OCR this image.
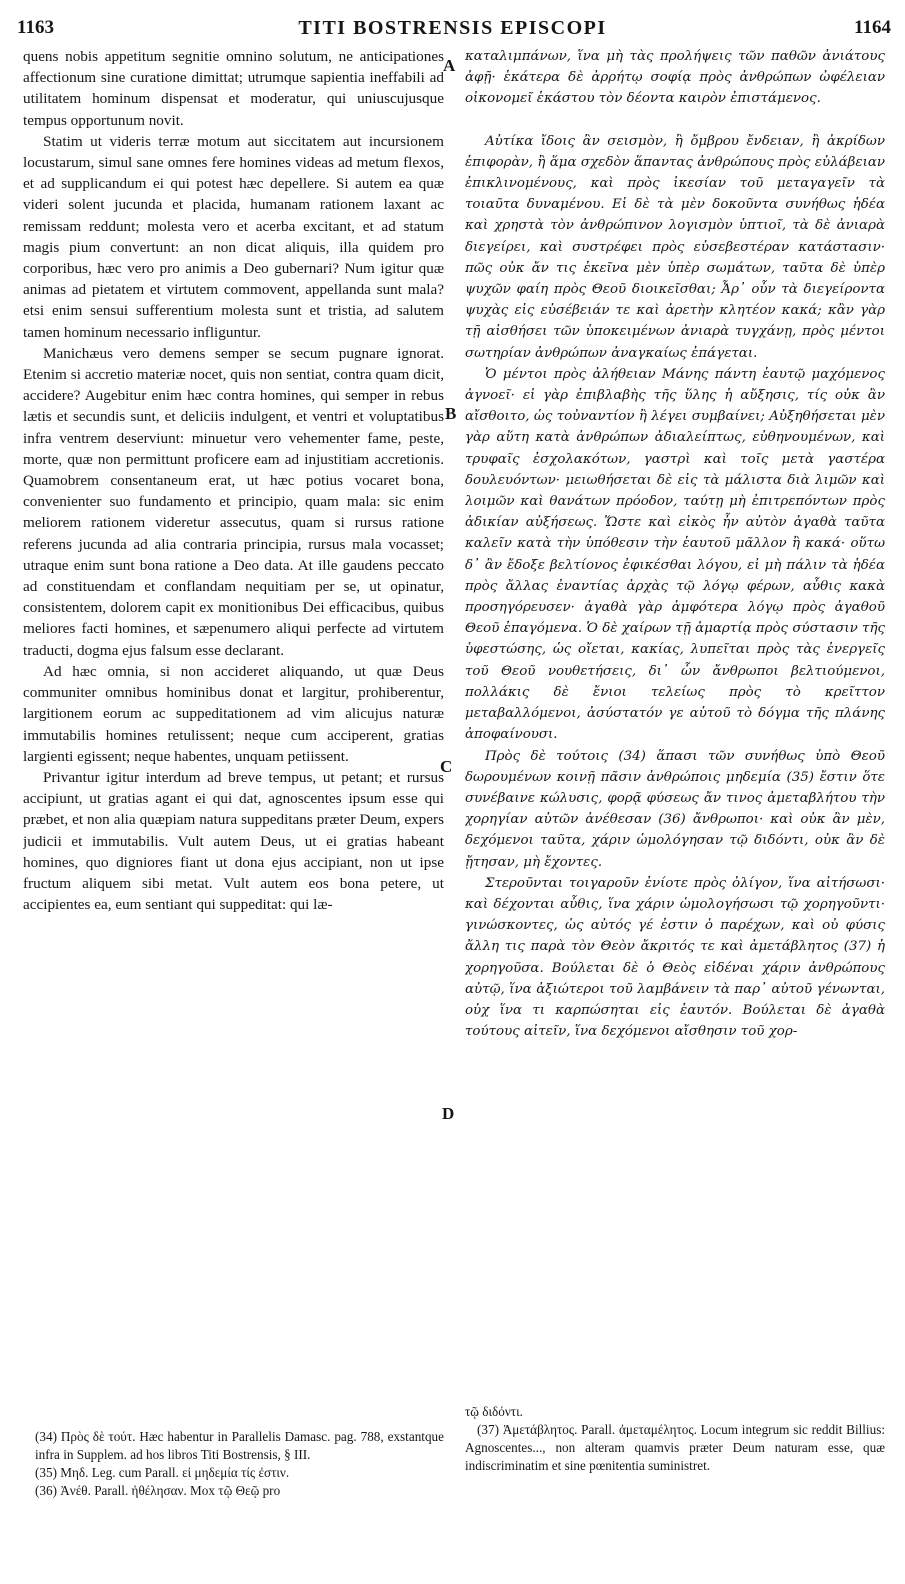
1163	TITI BOSTRENSIS EPISCOPI	1164

quens nobis appetitum segnitie omnino solutum, ne anticipationes affectionum sine curatione dimittat; utrumque sapientia ineffabili ad utilitatem hominum dispensat et moderatur, qui uniuscujusque tempus opportunum novit.

Statim ut videris terræ motum aut siccitatem aut incursionem locustarum, simul sane omnes fere homines videas ad metum flexos, et ad supplicandum ei qui potest hæc depellere. Si autem ea quæ videri solent jucunda et placida, humanam rationem laxant ac remissam reddunt; molesta vero et acerba excitant, et ad statum magis pium convertunt: an non dicat aliquis, illa quidem pro corporibus, hæc vero pro animis a Deo gubernari? Num igitur quæ animas ad pietatem et virtutem commovent, appellanda sunt mala? etsi enim sensui sufferentium molesta sunt et tristia, ad salutem tamen hominum necessario infliguntur.

Manichæus vero demens semper se secum pugnare ignorat. Etenim si accretio materiæ nocet, quis non sentiat, contra quam dicit, accidere? Augebitur enim hæc contra homines, qui semper in rebus lætis et secundis sunt, et deliciis indulgent, et ventri et voluptatibus infra ventrem deserviunt: minuetur vero vehementer fame, peste, morte, quæ non permittunt proficere eam ad injustitiam accretionis. Quamobrem consentaneum erat, ut hæc potius vocaret bona, convenienter suo fundamento et principio, quam mala: sic enim meliorem rationem videretur assecutus, quam si rursus ratione referens jucunda ad alia contraria principia, rursus mala vocasset; utraque enim sunt bona ratione a Deo data. At ille gaudens peccato ad constituendam et conflandam nequitiam per se, ut opinatur, consistentem, dolorem capit ex monitionibus Dei efficacibus, quibus meliores facti homines, et sæpenumero aliqui perfecte ad virtutem traducti, dogma ejus falsum esse declarant.

Ad hæc omnia, si non accideret aliquando, ut quæ Deus communiter omnibus hominibus donat et largitur, prohiberentur, largitionem eorum ac suppeditationem ad vim alicujus naturæ immutabilis homines retulissent; neque cum acciperent, gratias largienti egissent; neque habentes, unquam petiissent.

Privantur igitur interdum ad breve tempus, ut petant; et rursus accipiunt, ut gratias agant ei qui dat, agnoscentes ipsum esse qui præbet, et non alia quæpiam natura suppeditans præter Deum, expers judicii et immutabilis. Vult autem Deus, ut ei gratias habeant homines, quo digniores fiant ut dona ejus accipiant, non ut ipse fructum aliquem sibi metat. Vult autem eos bona petere, ut accipientes ea, eum sentiant qui suppeditat: qui læ-

A
B
C
D

καταλιμπάνων, ἵνα μὴ τὰς προλήψεις τῶν παθῶν ἀνιάτους ἀφῇ· ἑκάτερα δὲ ἀρρήτῳ σοφίᾳ πρὸς ἀνθρώπων ὠφέλειαν οἰκονομεῖ ἑκάστου τὸν δέοντα καιρὸν ἐπιστάμενος.

Αὐτίκα ἴδοις ἂν σεισμὸν, ἢ ὄμβρου ἔνδειαν, ἢ ἀκρίδων ἐπιφορὰν, ἢ ἅμα σχεδὸν ἅπαντας ἀνθρώπους πρὸς εὐλάβειαν ἐπικλινομένους, καὶ πρὸς ἱκεσίαν τοῦ μεταγαγεῖν τὰ τοιαῦτα δυναμένου. Εἰ δὲ τὰ μὲν δοκοῦντα συνήθως ἡδέα καὶ χρηστὰ τὸν ἀνθρώπινον λογισμὸν ὑπτιοῖ, τὰ δὲ ἀνιαρὰ διεγείρει, καὶ συστρέφει πρὸς εὐσεβεστέραν κατάστασιν· πῶς οὐκ ἄν τις ἐκεῖνα μὲν ὑπὲρ σωμάτων, ταῦτα δὲ ὑπὲρ ψυχῶν φαίη πρὸς Θεοῦ διοικεῖσθαι; Ἆρ᾽ οὖν τὰ διεγείροντα ψυχὰς εἰς εὐσέβειάν τε καὶ ἀρετὴν κλητέον κακά; κἂν γὰρ τῇ αἰσθήσει τῶν ὑποκειμένων ἀνιαρὰ τυγχάνῃ, πρὸς μέντοι σωτηρίαν ἀνθρώπων ἀναγκαίως ἐπάγεται.

Ὁ μέντοι πρὸς ἀλήθειαν Μάνης πάντη ἑαυτῷ μαχόμενος ἀγνοεῖ· εἰ γὰρ ἐπιβλαβὴς τῆς ὕλης ἡ αὔξησις, τίς οὐκ ἂν αἴσθοιτο, ὡς τοὐναντίον ἢ λέγει συμβαίνει; Αὐξηθήσεται μὲν γὰρ αὕτη κατὰ ἀνθρώπων ἀδιαλείπτως, εὐθηνουμένων, καὶ τρυφαῖς ἐσχολακότων, γαστρὶ καὶ τοῖς μετὰ γαστέρα δουλευόντων· μειωθήσεται δὲ εἰς τὰ μάλιστα διὰ λιμῶν καὶ λοιμῶν καὶ θανάτων πρόοδον, ταύτῃ μὴ ἐπιτρεπόντων πρὸς ἀδικίαν αὐξήσεως. Ὥστε καὶ εἰκὸς ἦν αὐτὸν ἀγαθὰ ταῦτα καλεῖν κατὰ τὴν ὑπόθεσιν τὴν ἑαυτοῦ μᾶλλον ἢ κακά· οὕτω δ᾽ ἂν ἔδοξε βελτίονος ἐφικέσθαι λόγου, εἰ μὴ πάλιν τὰ ἡδέα πρὸς ἄλλας ἐναντίας ἀρχὰς τῷ λόγῳ φέρων, αὖθις κακὰ προσηγόρευσεν· ἀγαθὰ γὰρ ἀμφότερα λόγῳ πρὸς ἀγαθοῦ Θεοῦ ἐπαγόμενα. Ὁ δὲ χαίρων τῇ ἁμαρτίᾳ πρὸς σύστασιν τῆς ὑφεστώσης, ὡς οἴεται, κακίας, λυπεῖται πρὸς τὰς ἐνεργεῖς τοῦ Θεοῦ νουθετήσεις, δι᾽ ὧν ἄνθρωποι βελτιούμενοι, πολλάκις δὲ ἔνιοι τελείως πρὸς τὸ κρεῖττον μεταβαλλόμενοι, ἀσύστατόν γε αὐτοῦ τὸ δόγμα τῆς πλάνης ἀποφαίνουσι.

Πρὸς δὲ τούτοις (34) ἅπασι τῶν συνήθως ὑπὸ Θεοῦ δωρουμένων κοινῇ πᾶσιν ἀνθρώποις μηδεμία (35) ἔστιν ὅτε συνέβαινε κώλυσις, φορᾷ φύσεως ἄν τινος ἀμεταβλήτου τὴν χορηγίαν αὐτῶν ἀνέθεσαν (36) ἄνθρωποι· καὶ οὐκ ἂν μὲν, δεχόμενοι ταῦτα, χάριν ὡμολόγησαν τῷ διδόντι, οὐκ ἂν δὲ ᾔτησαν, μὴ ἔχοντες.

Στεροῦνται τοιγαροῦν ἐνίοτε πρὸς ὀλίγον, ἵνα αἰτήσωσι· καὶ δέχονται αὖθις, ἵνα χάριν ὡμολογήσωσι τῷ χορηγοῦντι· γινώσκοντες, ὡς αὐτός γέ ἐστιν ὁ παρέχων, καὶ οὐ φύσις ἄλλη τις παρὰ τὸν Θεὸν ἄκριτός τε καὶ ἀμετάβλητος (37) ἡ χορηγοῦσα. Βούλεται δὲ ὁ Θεὸς εἰδέναι χάριν ἀνθρώπους αὐτῷ, ἵνα ἀξιώτεροι τοῦ λαμβάνειν τὰ παρ᾽ αὐτοῦ γένωνται, οὐχ ἵνα τι καρπώσηται εἰς ἑαυτόν. Βούλεται δὲ ἀγαθὰ τούτους αἰτεῖν, ἵνα δεχόμενοι αἴσθησιν τοῦ χορ-

(34) Πρὸς δὲ τούτ. Hæc habentur in Parallelis Damasc. pag. 788, exstantque infra in Supplem. ad hos libros Titi Bostrensis, § III.

(35) Μηδ. Leg. cum Parall. εἰ μηδεμία τίς ἐστιν.

(36) Ἀνέθ. Parall. ἠθέλησαν. Mox τῷ Θεῷ pro

τῷ διδόντι.

(37) Ἀμετάβλητος. Parall. ἀμεταμέλητος. Locum integrum sic reddit Billius: Agnoscentes..., non alteram quamvis præter Deum naturam esse, quæ indiscriminatim et sine pœnitentia suministret.
